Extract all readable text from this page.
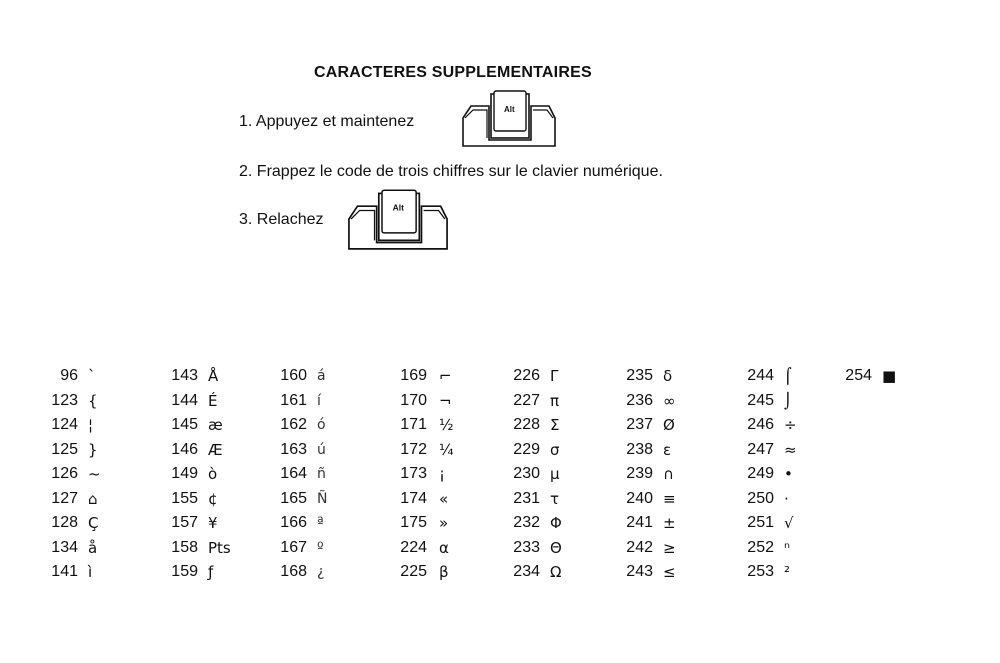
CARACTERES SUPPLEMENTAIRES
1. Appuyez et maintenez
Alt
2. Frappez le code de trois chiffres sur le clavier numérique.
3. Relachez
Alt
96 `
123 {
124 ¦
125 }
126 ~
127 ⌂
128 Ç
134 å
141 ì
143 Å
144 É
145 æ
146 Æ
149 ò
155 ¢
157 ¥
158 Pts
159 ƒ
160 á
161 í
162 ó
163 ú
164 ñ
165 Ñ
166 ª
167 º
168 ¿
169 ⌐
170 ¬
171 ½
172 ¼
173 ¡
174 «
175 »
224 α
225 β
226 Γ
227 π
228 Σ
229 σ
230 µ
231 τ
232 Φ
233 Θ
234 Ω
235 δ
236 ∞
237 Ø
238 ε
239 ∩
240 ≡
241 ±
242 ≥
243 ≤
244 ⌠
245 ⌡
246 ÷
247 ≈
249 •
250 ·
251 √
252 ⁿ
253 ²
254 ■
